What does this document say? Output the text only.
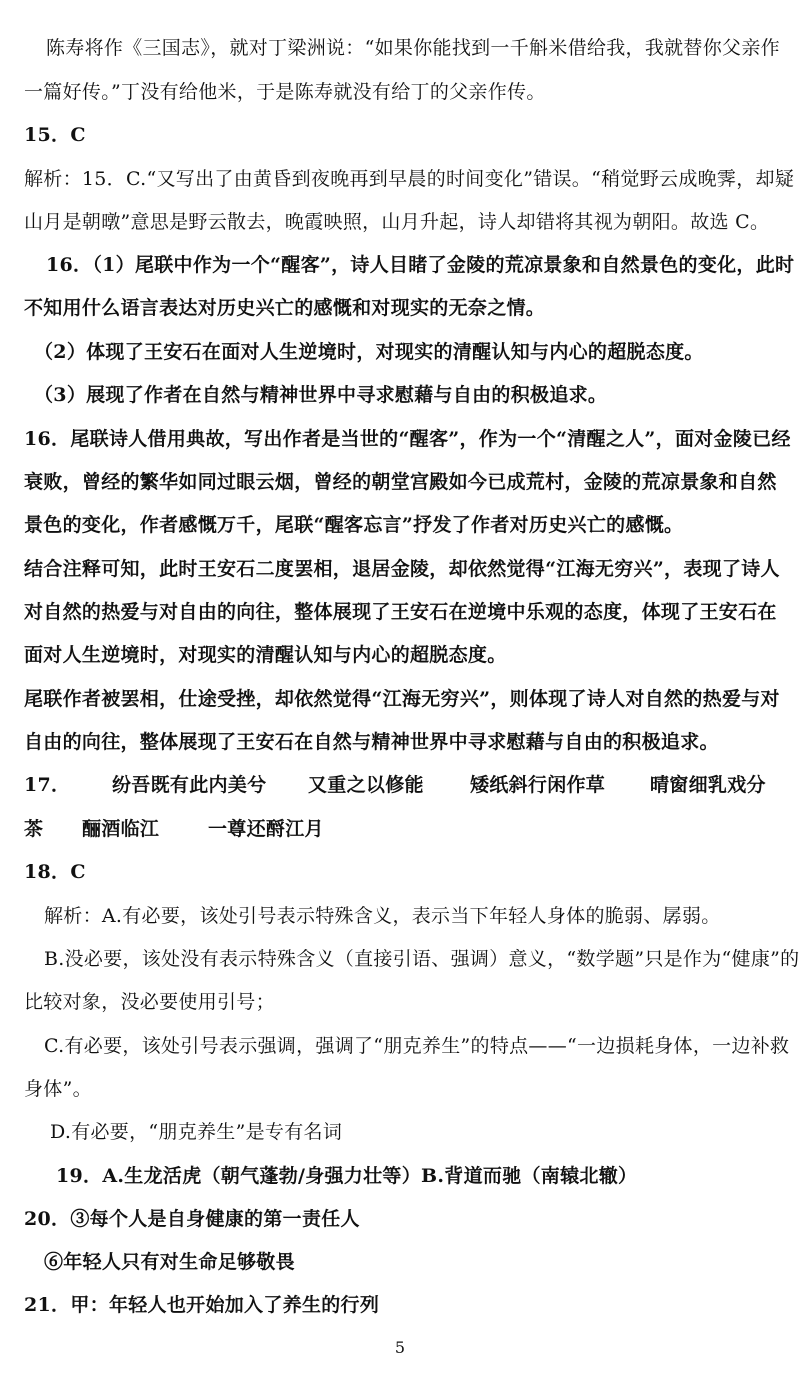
陈寿将作《三国志》，就对丁梁洲说：“如果你能找到一千斛米借给我，我就替你父亲作
一篇好传。”丁没有给他米，于是陈寿就没有给丁的父亲作传。
15．C
解析：15．C.“又写出了由黄昏到夜晚再到早晨的时间变化”错误。“稍觉野云成晚霁，却疑
山月是朝暾”意思是野云散去，晚霞映照，山月升起，诗人却错将其视为朝阳。故选 C。
16．（1）尾联中作为一个“醒客”，诗人目睹了金陵的荒凉景象和自然景色的变化，此时
不知用什么语言表达对历史兴亡的感慨和对现实的无奈之情。
（2）体现了王安石在面对人生逆境时，对现实的清醒认知与内心的超脱态度。
（3）展现了作者在自然与精神世界中寻求慰藉与自由的积极追求。
16．尾联诗人借用典故，写出作者是当世的“醒客”，作为一个“清醒之人”，面对金陵已经
衰败，曾经的繁华如同过眼云烟，曾经的朝堂宫殿如今已成荒村，金陵的荒凉景象和自然
景色的变化，作者感慨万千，尾联“醒客忘言”抒发了作者对历史兴亡的感慨。
结合注释可知，此时王安石二度罢相，退居金陵，却依然觉得“江海无穷兴”，表现了诗人
对自然的热爱与对自由的向往，整体展现了王安石在逆境中乐观的态度，体现了王安石在
面对人生逆境时，对现实的清醒认知与内心的超脱态度。
尾联作者被罢相，仕途受挫，却依然觉得“江海无穷兴”，则体现了诗人对自然的热爱与对
自由的向往，整体展现了王安石在自然与精神世界中寻求慰藉与自由的积极追求。
17． 纷吾既有此内美兮 又重之以修能 矮纸斜行闲作草 晴窗细乳戏分
茶 酾酒临江	一尊还酹江月
18．C
解析：A.有必要，该处引号表示特殊含义，表示当下年轻人身体的脆弱、孱弱。
B.没必要，该处没有表示特殊含义（直接引语、强调）意义，“数学题”只是作为“健康”的
比较对象，没必要使用引号；
C.有必要，该处引号表示强调，强调了“朋克养生”的特点——“一边损耗身体，一边补救
身体”。
D.有必要，“朋克养生”是专有名词
19．A.生龙活虎（朝气蓬勃/身强力壮等）B.背道而驰（南辕北辙）
20．③每个人是自身健康的第一责任人
⑥年轻人只有对生命足够敬畏
21．甲：年轻人也开始加入了养生的行列
5
